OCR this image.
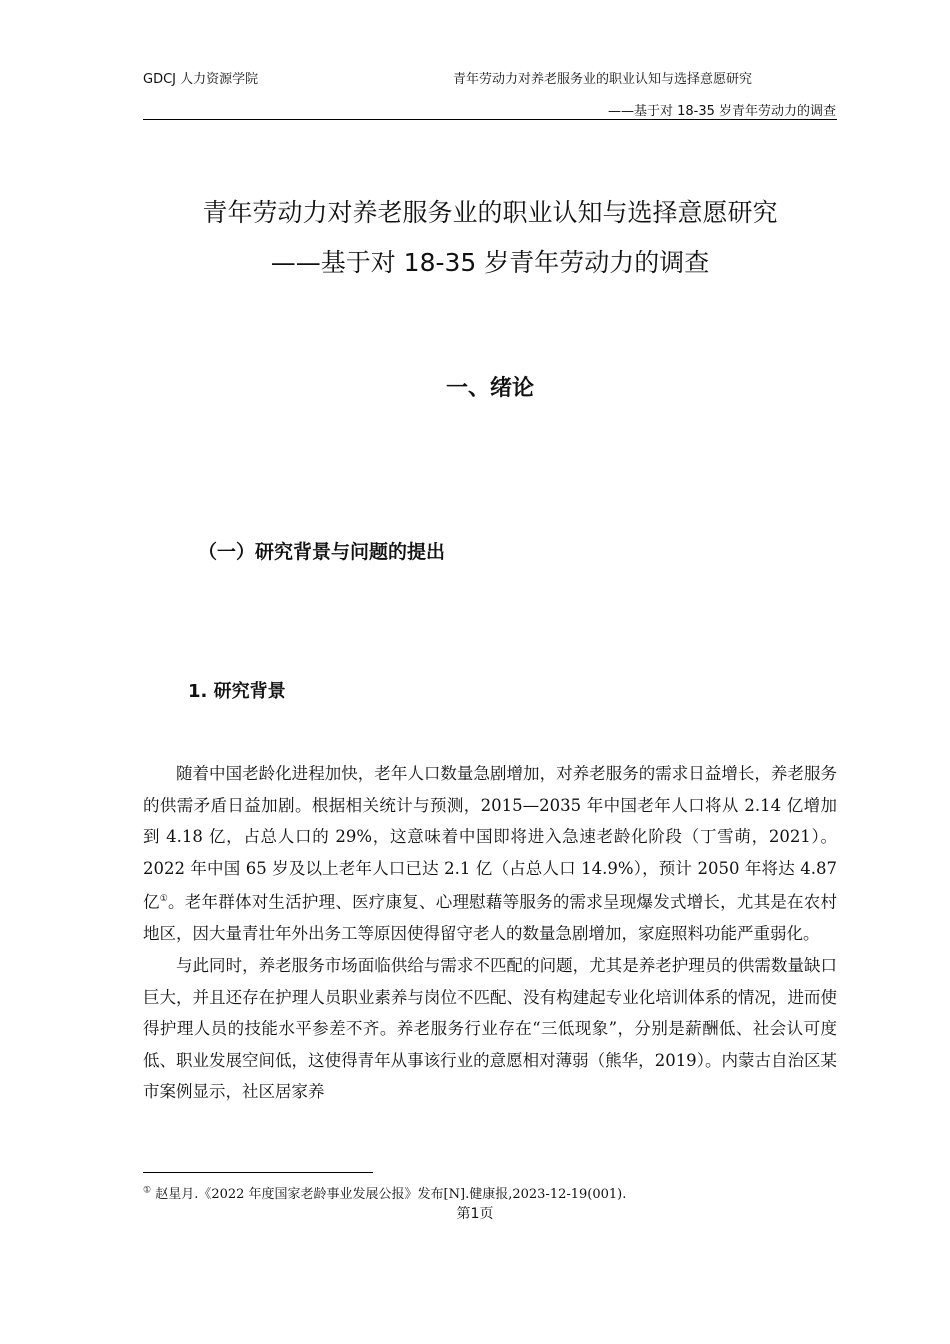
GDCJ 人力资源学院	青年劳动力对养老服务业的职业认知与选择意愿研究
——基于对 18-35 岁青年劳动力的调查
青年劳动力对养老服务业的职业认知与选择意愿研究
——基于对 18-35 岁青年劳动力的调查
一、绪论
（一）研究背景与问题的提出
1. 研究背景

随着中国老龄化进程加快，老年人口数量急剧增加，对养老服务的需求日益增长，养老服务的供需矛盾日益加剧。根据相关统计与预测，2015—2035 年中国老年人口将从 2.14 亿增加到 4.18 亿，占总人口的 29%，这意味着中国即将进入急速老龄化阶段（丁雪萌，2021）。2022 年中国 65 岁及以上老年人口已达 2.1 亿（占总人口 14.9%），预计 2050 年将达 4.87 亿①。老年群体对生活护理、医疗康复、心理慰藉等服务的需求呈现爆发式增长，尤其是在农村地区，因大量青壮年外出务工等原因使得留守老人的数量急剧增加，家庭照料功能严重弱化。

与此同时，养老服务市场面临供给与需求不匹配的问题，尤其是养老护理员的供需数量缺口巨大，并且还存在护理人员职业素养与岗位不匹配、没有构建起专业化培训体系的情况，进而使得护理人员的技能水平参差不齐。养老服务行业存在“三低现象”，分别是薪酬低、社会认可度低、职业发展空间低，这使得青年从事该行业的意愿相对薄弱（熊华，2019）。内蒙古自治区某市案例显示，社区居家养

① 赵星月.《2022 年度国家老龄事业发展公报》发布[N].健康报,2023-12-19(001).
第1页
